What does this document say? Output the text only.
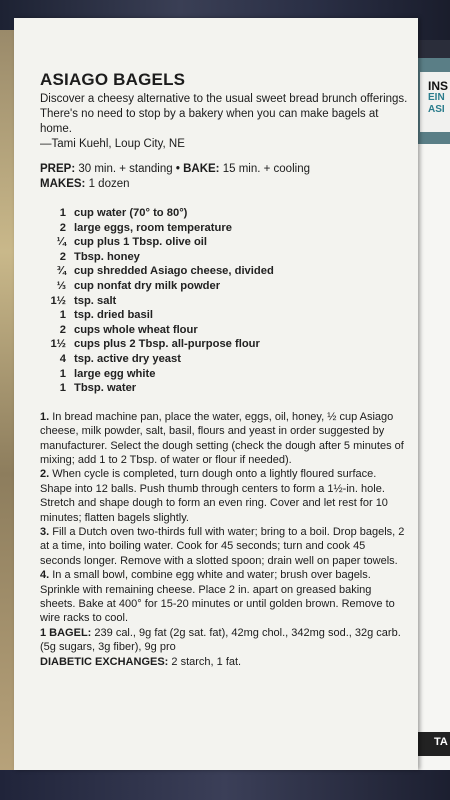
INS
EIN
ASI
TA
ASIAGO BAGELS

Discover a cheesy alternative to the usual sweet bread brunch offerings. There's no need to stop by a bakery when you can make bagels at home.

—Tami Kuehl, Loup City, NE

PREP: 30 min. + standing • BAKE: 15 min. + cooling
MAKES: 1 dozen
1 cup water (70° to 80°)
2 large eggs, room temperature
¼ cup plus 1 Tbsp. olive oil
2 Tbsp. honey
¾ cup shredded Asiago cheese, divided
⅓ cup nonfat dry milk powder
1½ tsp. salt
1 tsp. dried basil
2 cups whole wheat flour
1½ cups plus 2 Tbsp. all-purpose flour
4 tsp. active dry yeast
1 large egg white
1 Tbsp. water

1. In bread machine pan, place the water, eggs, oil, honey, ½ cup Asiago cheese, milk powder, salt, basil, flours and yeast in order suggested by manufacturer. Select the dough setting (check the dough after 5 minutes of mixing; add 1 to 2 Tbsp. of water or flour if needed).

2. When cycle is completed, turn dough onto a lightly floured surface. Shape into 12 balls. Push thumb through centers to form a 1½-in. hole. Stretch and shape dough to form an even ring. Cover and let rest for 10 minutes; flatten bagels slightly.

3. Fill a Dutch oven two-thirds full with water; bring to a boil. Drop bagels, 2 at a time, into boiling water. Cook for 45 seconds; turn and cook 45 seconds longer. Remove with a slotted spoon; drain well on paper towels.

4. In a small bowl, combine egg white and water; brush over bagels. Sprinkle with remaining cheese. Place 2 in. apart on greased baking sheets. Bake at 400° for 15-20 minutes or until golden brown. Remove to wire racks to cool.

1 BAGEL: 239 cal., 9g fat (2g sat. fat), 42mg chol., 342mg sod., 32g carb. (5g sugars, 3g fiber), 9g pro

DIABETIC EXCHANGES: 2 starch, 1 fat.
